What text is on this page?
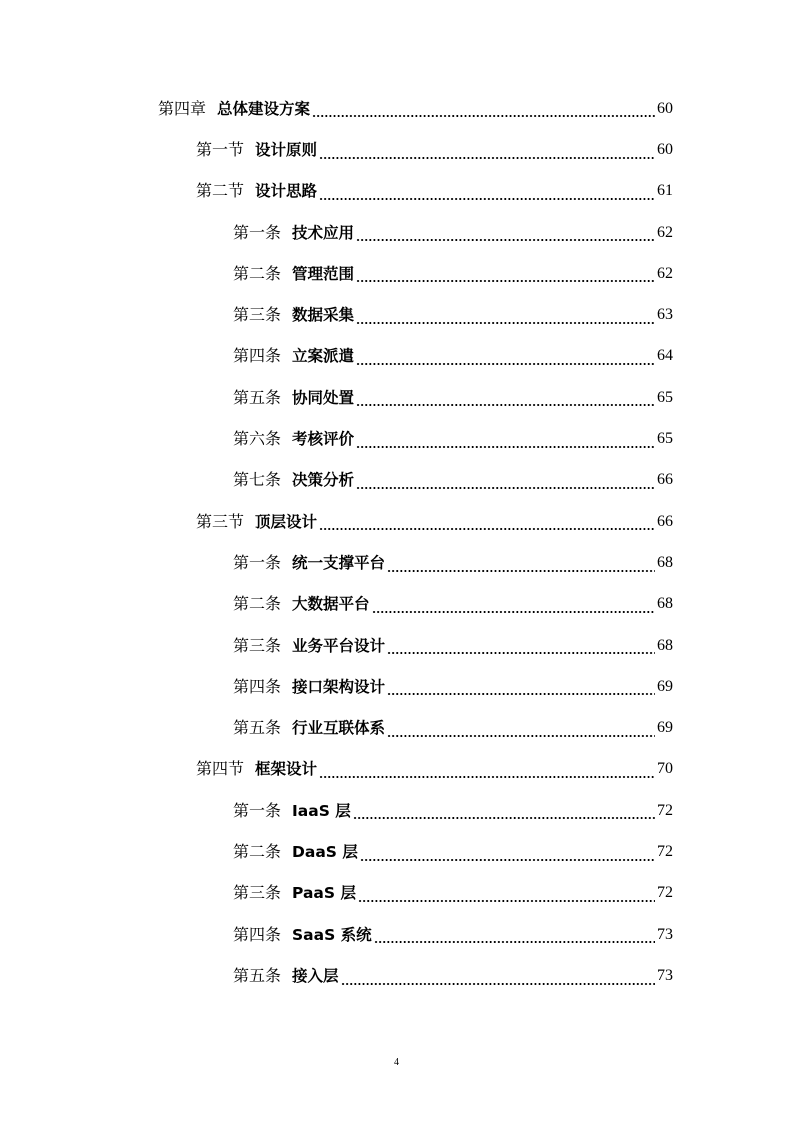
第四章 总体建设方案	60
第一节 设计原则	60
第二节 设计思路	61
第一条 技术应用	62
第二条 管理范围	62
第三条 数据采集	63
第四条 立案派遣	64
第五条 协同处置	65
第六条 考核评价	65
第七条 决策分析	66
第三节 顶层设计	66
第一条 统一支撑平台	68
第二条 大数据平台	68
第三条 业务平台设计	68
第四条 接口架构设计	69
第五条 行业互联体系	69
第四节 框架设计	70
第一条 IaaS 层	72
第二条 DaaS 层	72
第三条 PaaS 层	72
第四条 SaaS 系统	73
第五条 接入层	73
4
